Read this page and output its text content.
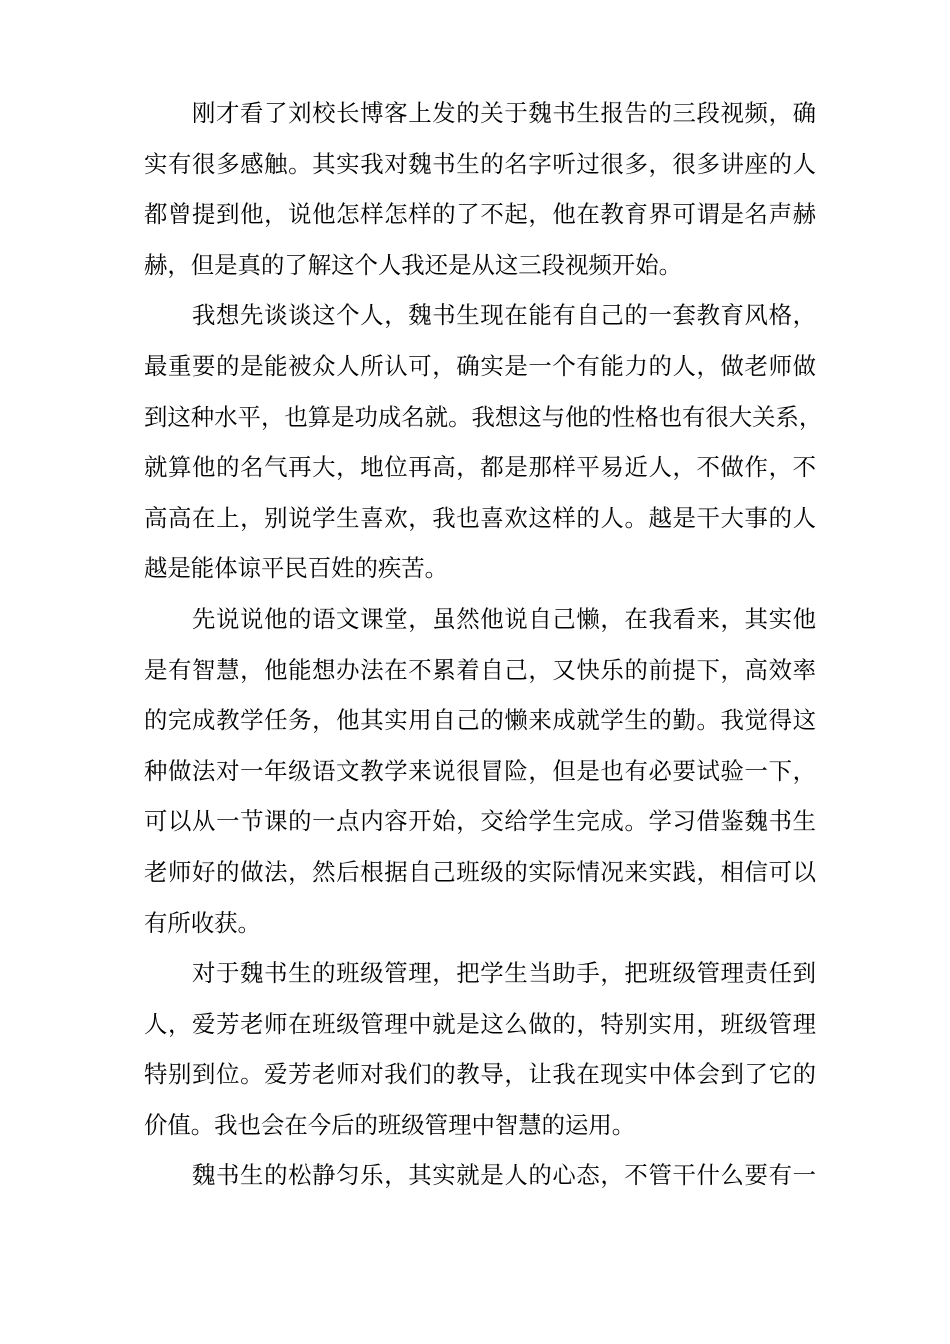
刚才看了刘校长博客上发的关于魏书生报告的三段视频，确
实有很多感触。其实我对魏书生的名字听过很多，很多讲座的人
都曾提到他，说他怎样怎样的了不起，他在教育界可谓是名声赫
赫，但是真的了解这个人我还是从这三段视频开始。

我想先谈谈这个人，魏书生现在能有自己的一套教育风格，
最重要的是能被众人所认可，确实是一个有能力的人，做老师做
到这种水平，也算是功成名就。我想这与他的性格也有很大关系，
就算他的名气再大，地位再高，都是那样平易近人，不做作，不
高高在上，别说学生喜欢，我也喜欢这样的人。越是干大事的人
越是能体谅平民百姓的疾苦。

先说说他的语文课堂，虽然他说自己懒，在我看来，其实他
是有智慧，他能想办法在不累着自己，又快乐的前提下，高效率
的完成教学任务，他其实用自己的懒来成就学生的勤。我觉得这
种做法对一年级语文教学来说很冒险，但是也有必要试验一下，
可以从一节课的一点内容开始，交给学生完成。学习借鉴魏书生
老师好的做法，然后根据自己班级的实际情况来实践，相信可以
有所收获。

对于魏书生的班级管理，把学生当助手，把班级管理责任到
人，爱芳老师在班级管理中就是这么做的，特别实用，班级管理
特别到位。爱芳老师对我们的教导，让我在现实中体会到了它的
价值。我也会在今后的班级管理中智慧的运用。

魏书生的松静匀乐，其实就是人的心态，不管干什么要有一
